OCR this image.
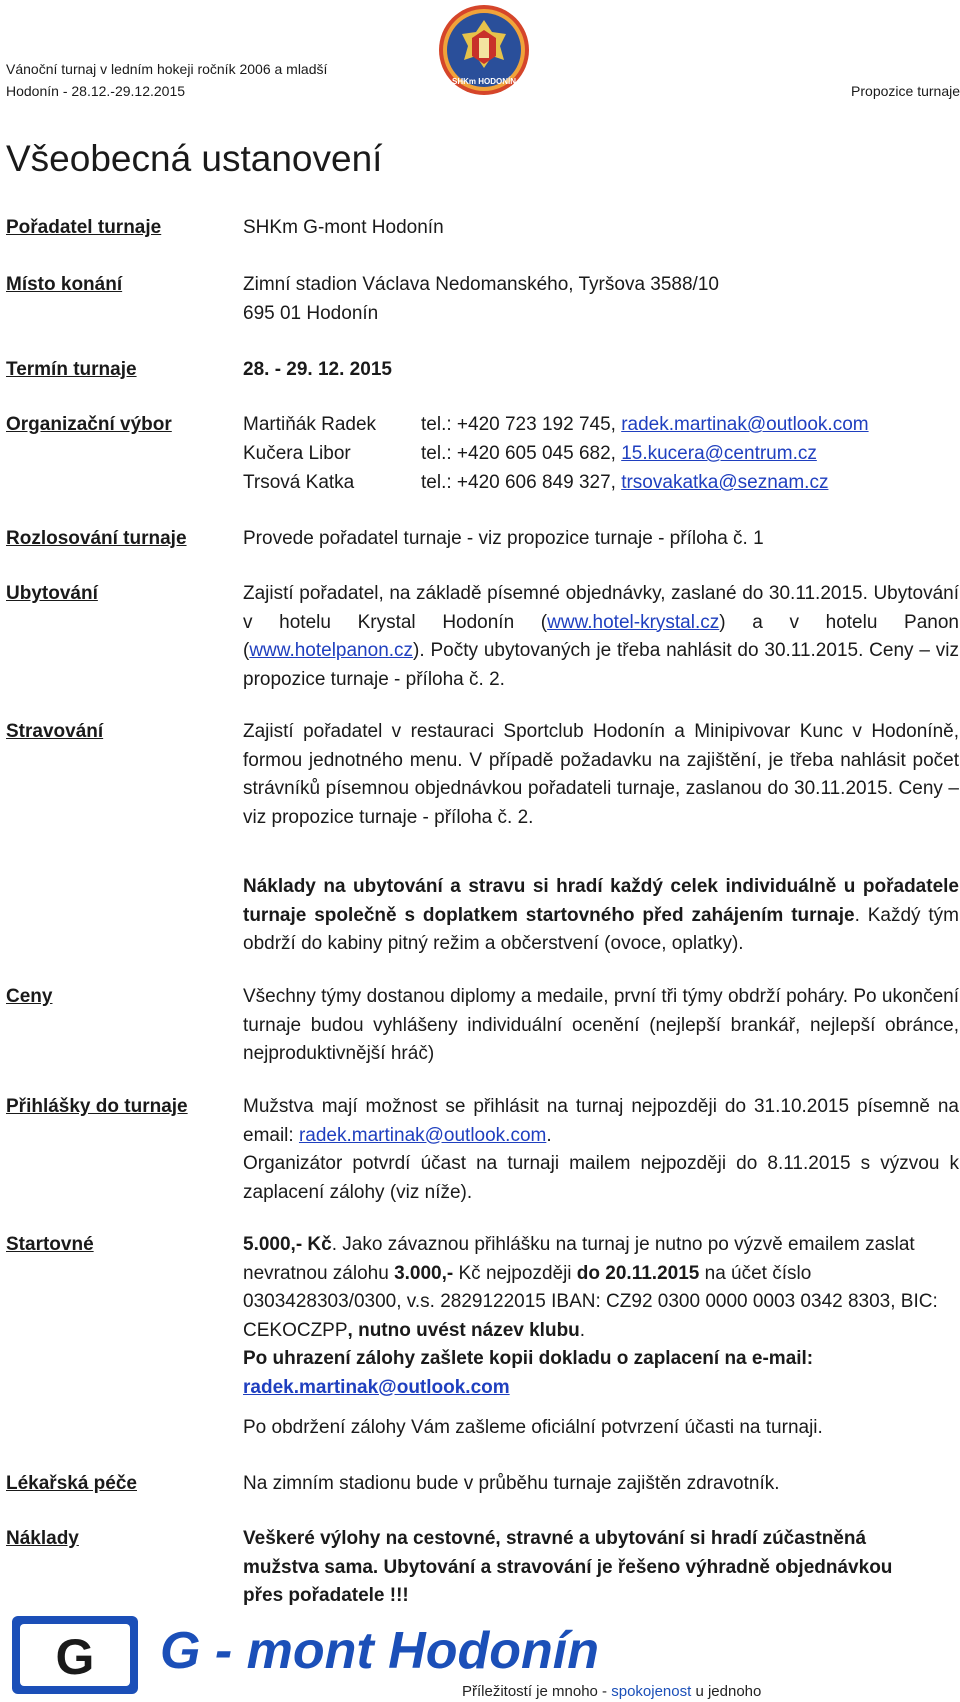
Vánoční turnaj v ledním hokeji ročník 2006 a mladší
Hodonín - 28.12.-29.12.2015	Propozice turnaje
SHKm HODONÍN
Všeobecná ustanovení
Pořadatel turnaje	SHKm G-mont Hodonín
Místo konání	Zimní stadion Václava Nedomanského, Tyršova 3588/10
695 01 Hodonín
Termín turnaje	28. - 29. 12. 2015
Organizační výbor	Martiňák Radek tel.: +420 723 192 745, radek.martinak@outlook.com
Kučera Libor	tel.: +420 605 045 682, 15.kucera@centrum.cz
Trsová Katka	tel.: +420 606 849 327, trsovakatka@seznam.cz
Rozlosování turnaje	Provede pořadatel turnaje - viz propozice turnaje - příloha č. 1
Ubytování	Zajistí pořadatel, na základě písemné objednávky, zaslané do 30.11.2015. Ubytování v hotelu Krystal Hodonín (www.hotel-krystal.cz) a v hotelu Panon (www.hotelpanon.cz). Počty ubytovaných je třeba nahlásit do 30.11.2015. Ceny – viz propozice turnaje - příloha č. 2.
Stravování	Zajistí pořadatel v restauraci Sportclub Hodonín a Minipivovar Kunc v Hodoníně, formou jednotného menu. V případě požadavku na zajištění, je třeba nahlásit počet strávníků písemnou objednávkou pořadateli turnaje, zaslanou do 30.11.2015. Ceny – viz propozice turnaje - příloha č. 2.
Náklady na ubytování a stravu si hradí každý celek individuálně u pořadatele turnaje společně s doplatkem startovného před zahájením turnaje. Každý tým obdrží do kabiny pitný režim a občerstvení (ovoce, oplatky).
Ceny	Všechny týmy dostanou diplomy a medaile, první tři týmy obdrží poháry. Po ukončení turnaje budou vyhlášeny individuální ocenění (nejlepší brankář, nejlepší obránce, nejproduktivnější hráč)
Přihlášky do turnaje	Mužstva mají možnost se přihlásit na turnaj nejpozději do 31.10.2015 písemně na email: radek.martinak@outlook.com.
Organizátor potvrdí účast na turnaji mailem nejpozději do 8.11.2015 s výzvou k zaplacení zálohy (viz níže).
Startovné	5.000,- Kč. Jako závaznou přihlášku na turnaj je nutno po výzvě emailem zaslat nevratnou zálohu 3.000,- Kč nejpozději do 20.11.2015 na účet číslo 0303428303/0300, v.s. 2829122015 IBAN: CZ92 0300 0000 0003 0342 8303, BIC: CEKOCZPP, nutno uvést název klubu.
Po uhrazení zálohy zašlete kopii dokladu o zaplacení na e-mail:
radek.martinak@outlook.com
Po obdržení zálohy Vám zašleme oficiální potvrzení účasti na turnaji.
Lékařská péče	Na zimním stadionu bude v průběhu turnaje zajištěn zdravotník.
Náklady	Veškeré výlohy na cestovné, stravné a ubytování si hradí zúčastněná mužstva sama. Ubytování a stravování je řešeno výhradně objednávkou přes pořadatele !!!
G G - mont Hodonín
Příležitostí je mnoho - spokojenost u jednoho
